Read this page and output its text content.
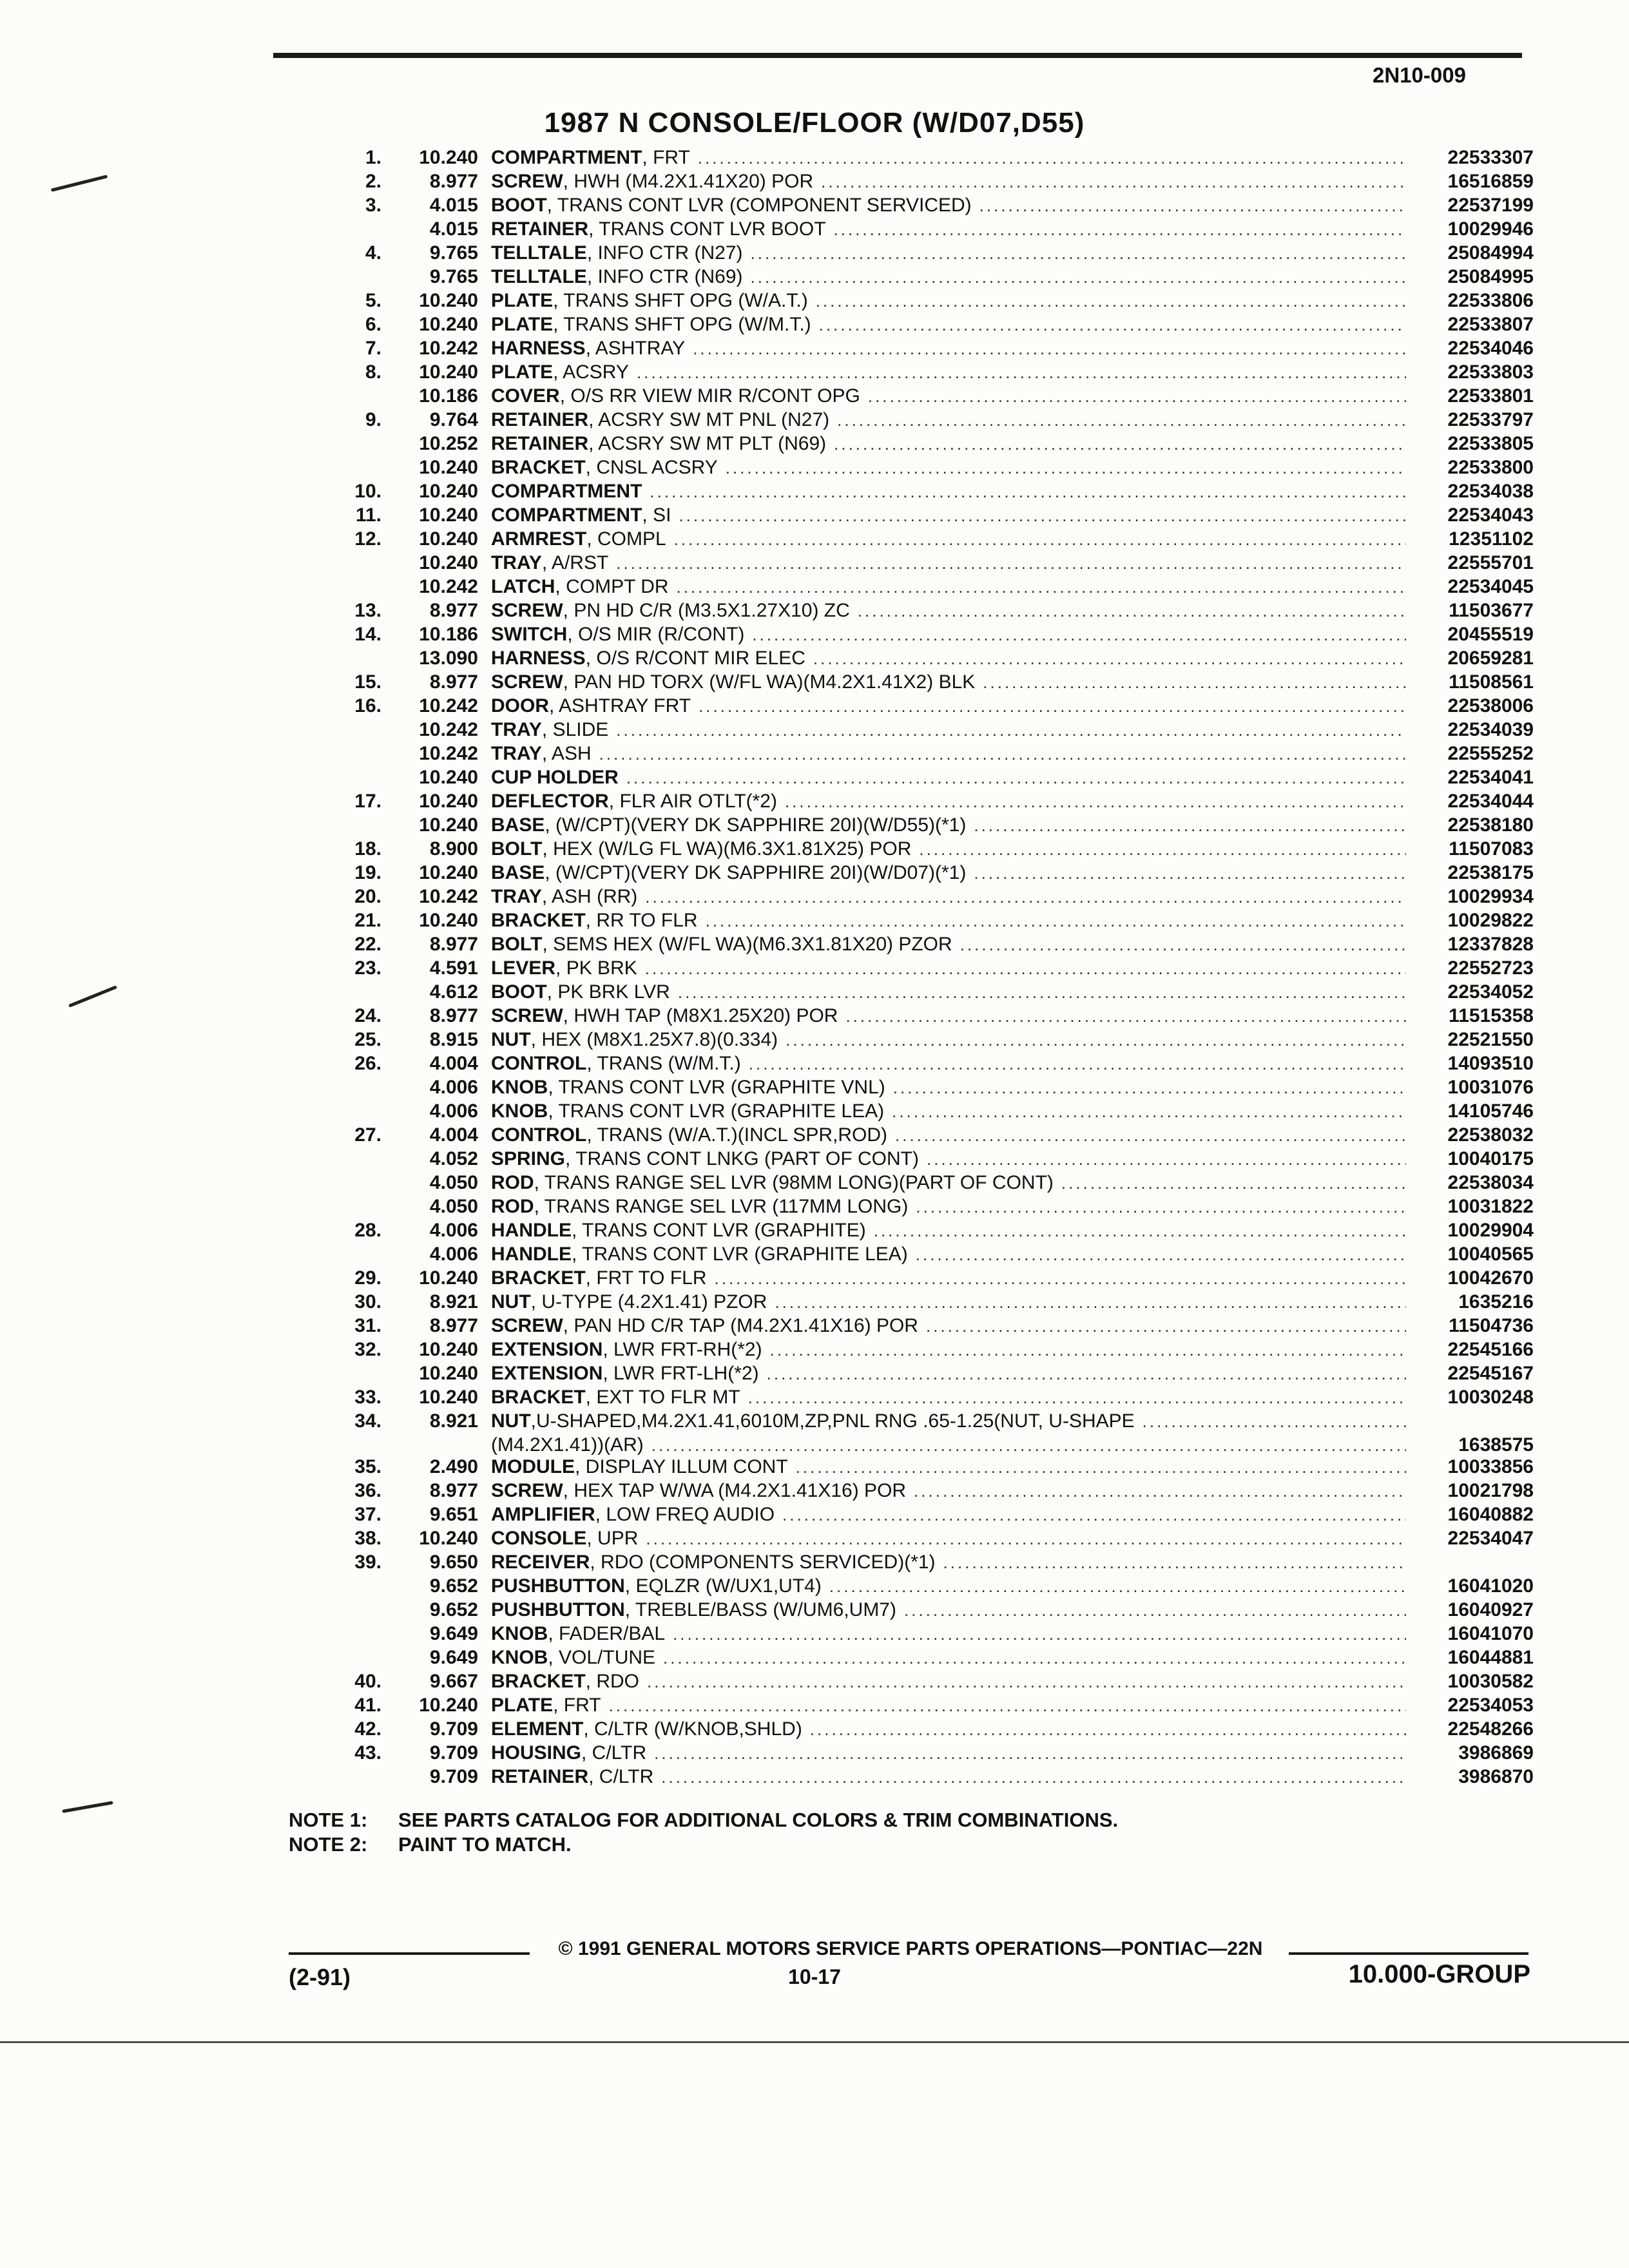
2N10-009
1987 N CONSOLE/FLOOR (W/D07,D55)
1.	10.240 COMPARTMENT, FRT .....	22533307
2.	8.977 SCREW, HWH (M4.2X1.41X20) POR .....	16516859
3.	4.015 BOOT, TRANS CONT LVR (COMPONENT SERVICED) .....	22537199
4.015 RETAINER, TRANS CONT LVR BOOT .....	10029946
4.	9.765 TELLTALE, INFO CTR (N27) .....	25084994
9.765 TELLTALE, INFO CTR (N69) .....	25084995
5.	10.240 PLATE, TRANS SHFT OPG (W/A.T.) .....	22533806
6.	10.240 PLATE, TRANS SHFT OPG (W/M.T.) .....	22533807
7.	10.242 HARNESS, ASHTRAY .....	22534046
8.	10.240 PLATE, ACSRY .....	22533803
10.186 COVER, O/S RR VIEW MIR R/CONT OPG .....	22533801
9.	9.764 RETAINER, ACSRY SW MT PNL (N27) .....	22533797
10.252 RETAINER, ACSRY SW MT PLT (N69) .....	22533805
10.240 BRACKET, CNSL ACSRY .....	22533800
10.	10.240 COMPARTMENT .....	22534038
11.	10.240 COMPARTMENT, SI .....	22534043
12.	10.240 ARMREST, COMPL .....	12351102
10.240 TRAY, A/RST .....	22555701
10.242 LATCH, COMPT DR .....	22534045
13.	8.977 SCREW, PN HD C/R (M3.5X1.27X10) ZC .....	11503677
14.	10.186 SWITCH, O/S MIR (R/CONT) .....	20455519
13.090 HARNESS, O/S R/CONT MIR ELEC .....	20659281
15.	8.977 SCREW, PAN HD TORX (W/FL WA)(M4.2X1.41X2) BLK .....	11508561
16.	10.242 DOOR, ASHTRAY FRT .....	22538006
10.242 TRAY, SLIDE .....	22534039
10.242 TRAY, ASH .....	22555252
10.240 CUP HOLDER .....	22534041
17.	10.240 DEFLECTOR, FLR AIR OTLT(*2) .....	22534044
10.240 BASE, (W/CPT)(VERY DK SAPPHIRE 20I)(W/D55)(*1) .....	22538180
18.	8.900 BOLT, HEX (W/LG FL WA)(M6.3X1.81X25) POR .....	11507083
19.	10.240 BASE, (W/CPT)(VERY DK SAPPHIRE 20I)(W/D07)(*1) .....	22538175
20.	10.242 TRAY, ASH (RR) .....	10029934
21.	10.240 BRACKET, RR TO FLR .....	10029822
22.	8.977 BOLT, SEMS HEX (W/FL WA)(M6.3X1.81X20) PZOR .....	12337828
23.	4.591 LEVER, PK BRK .....	22552723
4.612 BOOT, PK BRK LVR .....	22534052
24.	8.977 SCREW, HWH TAP (M8X1.25X20) POR .....	11515358
25.	8.915 NUT, HEX (M8X1.25X7.8)(0.334) .....	22521550
26.	4.004 CONTROL, TRANS (W/M.T.) .....	14093510
4.006 KNOB, TRANS CONT LVR (GRAPHITE VNL) .....	10031076
4.006 KNOB, TRANS CONT LVR (GRAPHITE LEA) .....	14105746
27.	4.004 CONTROL, TRANS (W/A.T.)(INCL SPR,ROD) .....	22538032
4.052 SPRING, TRANS CONT LNKG (PART OF CONT) .....	10040175
4.050 ROD, TRANS RANGE SEL LVR (98MM LONG)(PART OF CONT) .....	22538034
4.050 ROD, TRANS RANGE SEL LVR (117MM LONG) .....	10031822
28.	4.006 HANDLE, TRANS CONT LVR (GRAPHITE) .....	10029904
4.006 HANDLE, TRANS CONT LVR (GRAPHITE LEA) .....	10040565
29.	10.240 BRACKET, FRT TO FLR .....	10042670
30.	8.921 NUT, U-TYPE (4.2X1.41) PZOR .....	1635216
31.	8.977 SCREW, PAN HD C/R TAP (M4.2X1.41X16) POR .....	11504736
32.	10.240 EXTENSION, LWR FRT-RH(*2) .....	22545166
10.240 EXTENSION, LWR FRT-LH(*2) .....	22545167
33.	10.240 BRACKET, EXT TO FLR MT .....	10030248
34.	8.921 NUT,U-SHAPED,M4.2X1.41,6010M,ZP,PNL RNG .65-1.25(NUT, U-SHAPE
.....
(M4.2X1.41))(AR) .....	1638575
35.	2.490 MODULE, DISPLAY ILLUM CONT .....	10033856
36.	8.977 SCREW, HEX TAP W/WA (M4.2X1.41X16) POR .....	10021798
37.	9.651 AMPLIFIER, LOW FREQ AUDIO .....	16040882
38.	10.240 CONSOLE, UPR .....	22534047
39.	9.650 RECEIVER, RDO (COMPONENTS SERVICED)(*1)
.....
9.652 PUSHBUTTON, EQLZR (W/UX1,UT4) .....	16041020
9.652 PUSHBUTTON, TREBLE/BASS (W/UM6,UM7) .....	16040927
9.649 KNOB, FADER/BAL .....	16041070
9.649 KNOB, VOL/TUNE .....	16044881
40.	9.667 BRACKET, RDO .....	10030582
41.	10.240 PLATE, FRT .....	22534053
42.	9.709 ELEMENT, C/LTR (W/KNOB,SHLD) .....	22548266
43.	9.709 HOUSING, C/LTR .....	3986869
9.709 RETAINER, C/LTR .....	3986870
NOTE 1: SEE PARTS CATALOG FOR ADDITIONAL COLORS & TRIM COMBINATIONS.
NOTE 2: PAINT TO MATCH.
© 1991 GENERAL MOTORS SERVICE PARTS OPERATIONS—PONTIAC—22N
(2-91)	10-17	10.000-GROUP
